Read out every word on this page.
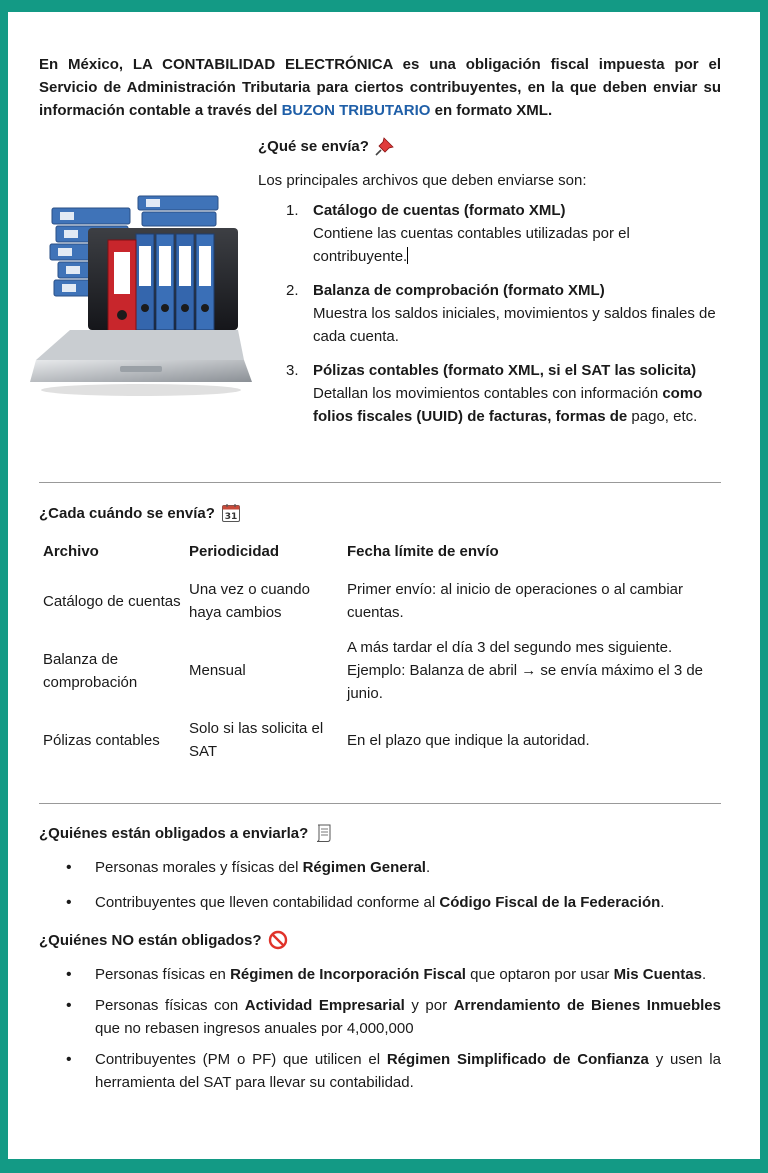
En México, LA CONTABILIDAD ELECTRÓNICA es una obligación fiscal impuesta por el Servicio de Administración Tributaria para ciertos contribuyentes, en la que deben enviar su información contable a través del BUZON TRIBUTARIO en formato XML.

¿Qué se envía?

Los principales archivos que deben enviarse son:

1. Catálogo de cuentas (formato XML)
Contiene las cuentas contables utilizadas por el contribuyente.
2. Balanza de comprobación (formato XML)
Muestra los saldos iniciales, movimientos y saldos finales de cada cuenta.
3. Pólizas contables (formato XML, si el SAT las solicita)
Detallan los movimientos contables con información como folios fiscales (UUID) de facturas, formas de pago, etc.

¿Cada cuándo se envía? 31

Archivo	Periodicidad	Fecha límite de envío
Catálogo de cuentas	Una vez o cuando haya cambios	Primer envío: al inicio de operaciones o al cambiar cuentas.
Balanza de comprobación	Mensual	A más tardar el día 3 del segundo mes siguiente. Ejemplo: Balanza de abril → se envía máximo el 3 de junio.
Pólizas contables	Solo si las solicita el SAT	En el plazo que indique la autoridad.

¿Quiénes están obligados a enviarla?

• Personas morales y físicas del Régimen General.
• Contribuyentes que lleven contabilidad conforme al Código Fiscal de la Federación.

¿Quiénes NO están obligados?

• Personas físicas en Régimen de Incorporación Fiscal que optaron por usar Mis Cuentas.
• Personas físicas con Actividad Empresarial y por Arrendamiento de Bienes Inmuebles que no rebasen ingresos anuales por 4,000,000
• Contribuyentes (PM o PF) que utilicen el Régimen Simplificado de Confianza y usen la herramienta del SAT para llevar su contabilidad.
